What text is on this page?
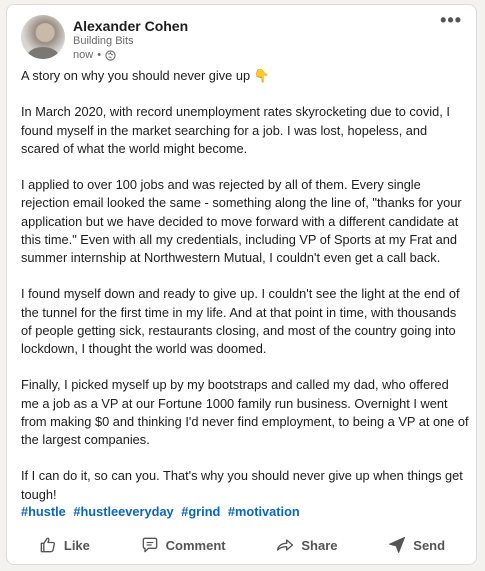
Alexander Cohen
Building Bits
now •
•••

A story on why you should never give up 👇

In March 2020, with record unemployment rates skyrocketing due to covid, I found myself in the market searching for a job. I was lost, hopeless, and scared of what the world might become.

I applied to over 100 jobs and was rejected by all of them. Every single rejection email looked the same - something along the line of, "thanks for your application but we have decided to move forward with a different candidate at this time." Even with all my credentials, including VP of Sports at my Frat and summer internship at Northwestern Mutual, I couldn't even get a call back.

I found myself down and ready to give up. I couldn't see the light at the end of the tunnel for the first time in my life. And at that point in time, with thousands of people getting sick, restaurants closing, and most of the country going into lockdown, I thought the world was doomed.

Finally, I picked myself up by my bootstraps and called my dad, who offered me a job as a VP at our Fortune 1000 family run business. Overnight I went from making $0 and thinking I'd never find employment, to being a VP at one of the largest companies.

If I can do it, so can you. That's why you should never give up when things get tough!

#hustle #hustleeveryday #grind #motivation
Like	Comment	Share	Send
